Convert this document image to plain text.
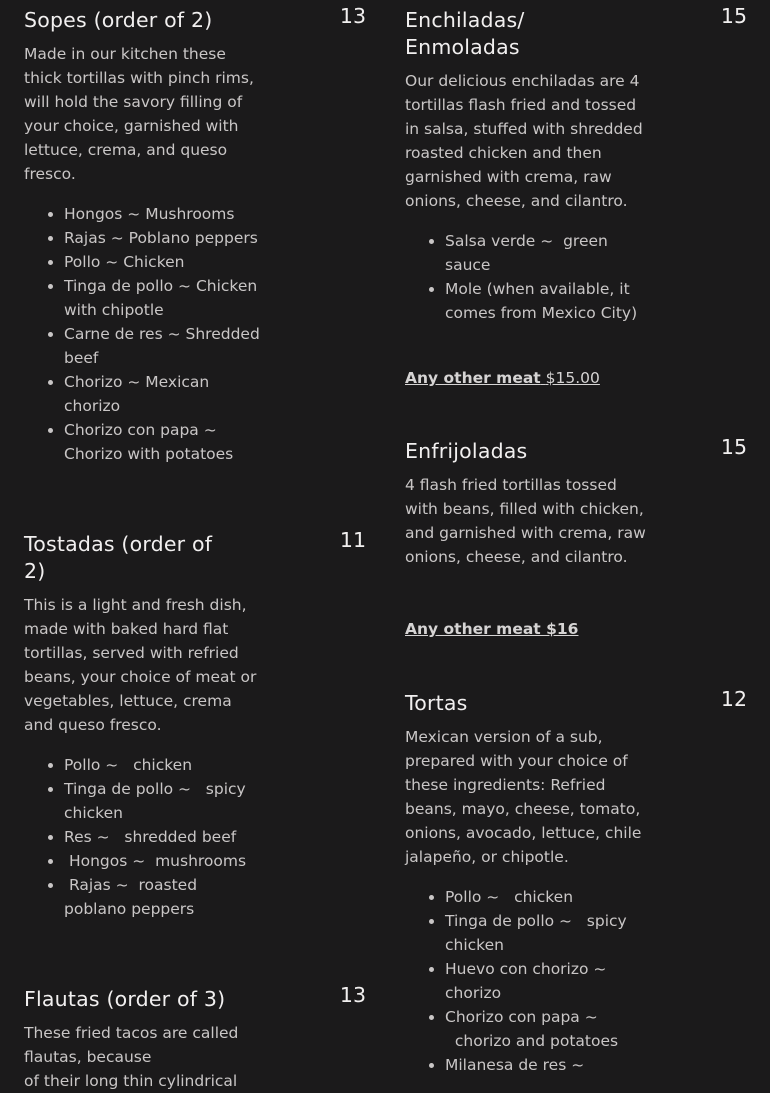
Sopes (order of 2)	13

Made in our kitchen these thick tortillas with pinch rims, will hold the savory filling of your choice, garnished with lettuce, crema, and queso fresco.

• Hongos ~ Mushrooms
• Rajas ~ Poblano peppers
• Pollo ~ Chicken
• Tinga de pollo ~ Chicken with chipotle
• Carne de res ~ Shredded beef
• Chorizo ~ Mexican chorizo
• Chorizo con papa ~ Chorizo with potatoes
Tostadas (order of 2)
11

This is a light and fresh dish, made with baked hard flat tortillas, served with refried beans, your choice of meat or vegetables, lettuce, crema
and queso fresco.

• Pollo ~   chicken
• Tinga de pollo ~   spicy chicken
• Res ~   shredded beef
•  Hongos ~  mushrooms
•  Rajas ~  roasted poblano peppers
Flautas (order of 3)	13

These fried tacos are called flautas, because
of their long thin cylindrical

Enchiladas/ Enmoladas
15

Our delicious enchiladas are 4 tortillas flash fried and tossed in salsa, stuffed with shredded roasted chicken and then garnished with crema, raw onions, cheese, and cilantro.

• Salsa verde ~  green sauce
• Mole (when available, it comes from Mexico City)
Any other meat $15.00
Enfrijoladas	15

4 flash fried tortillas tossed with beans, filled with chicken, and garnished with crema, raw onions, cheese, and cilantro.

Any other meat $16
Tortas	12

Mexican version of a sub, prepared with your choice of these ingredients: Refried beans, mayo, cheese, tomato, onions, avocado, lettuce, chile jalapeño, or chipotle.

• Pollo ~   chicken
• Tinga de pollo ~   spicy chicken
• Huevo con chorizo ~ chorizo
• Chorizo con papa ~
chorizo and potatoes
• Milanesa de res ~
